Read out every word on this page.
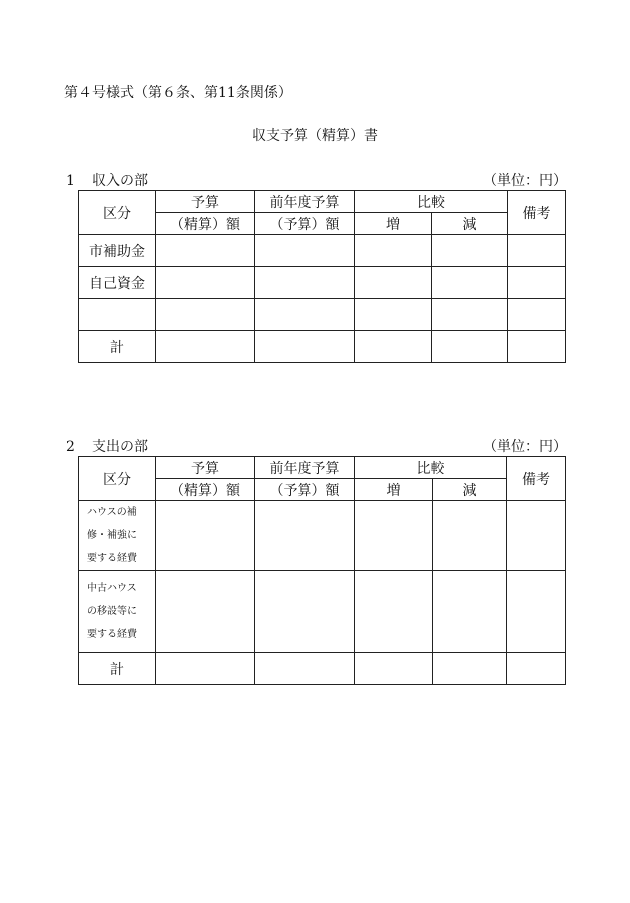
第４号様式（第６条、第11条関係）
収支予算（精算）書
1 収入の部	（単位：円）
区分	予算	前年度予算	比較		備考
	（精算）額	（予算）額	増	減	
市補助金					
自己資金					

計					
2 支出の部	（単位：円）
区分	予算	前年度予算	比較		備考
	（精算）額	（予算）額	増	減	

ハウスの補
修・補強に
要する経費					

中古ハウス
の移設等に
要する経費					

計					
